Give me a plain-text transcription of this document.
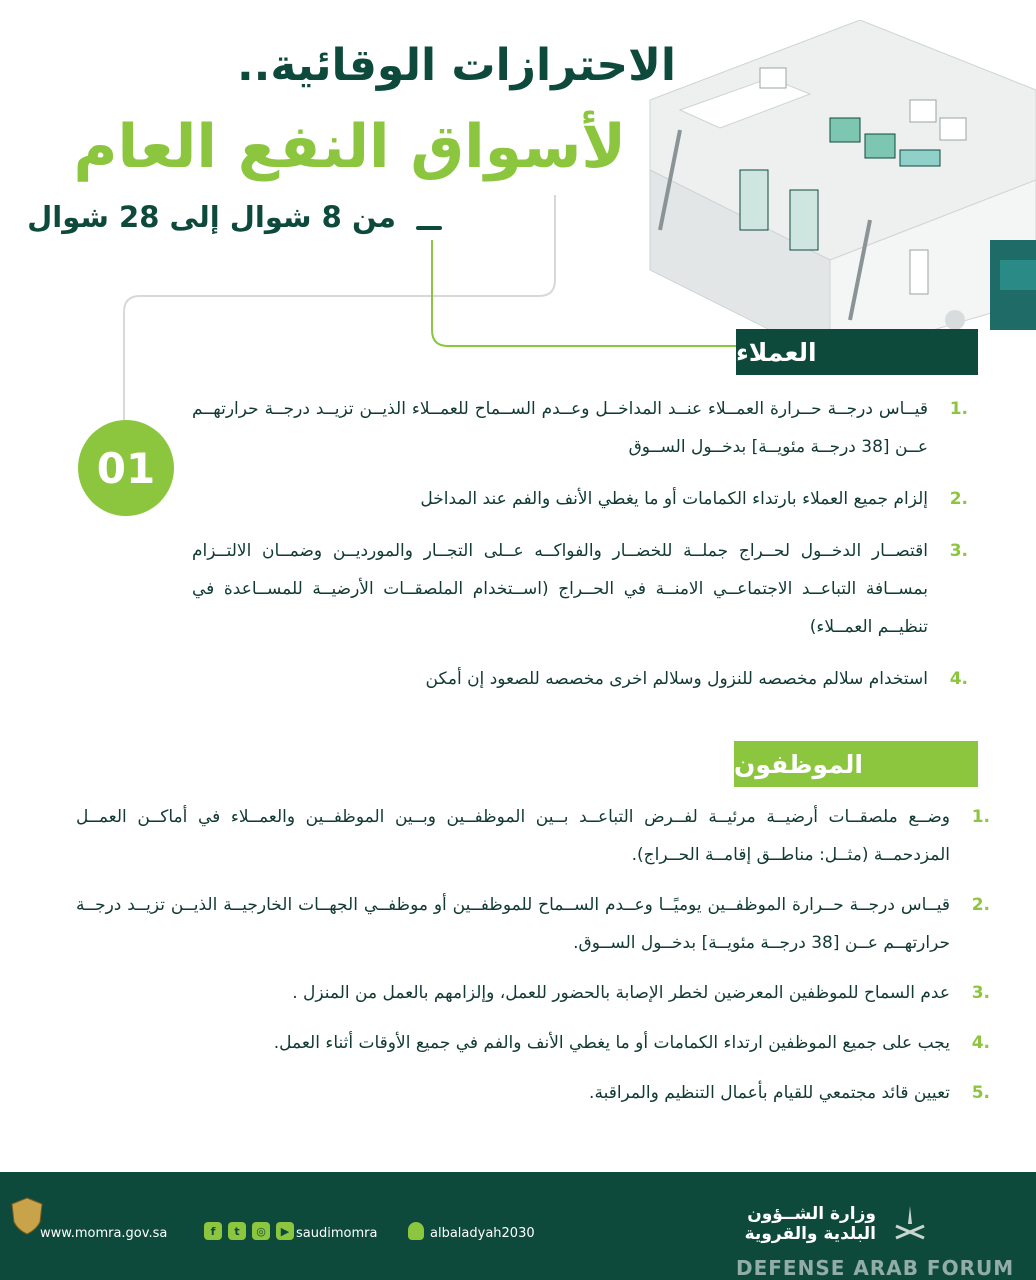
الاحترازات الوقائية..
لأسواق النفع العام
من 8 شوال إلى 28 شوال
العملاء
01
.1
قيــاس درجــة حــرارة العمــلاء عنــد المداخــل وعــدم الســماح للعمــلاء الذيــن تزيــد درجــة حرارتهــم عــن [38 درجــة مئويــة] بدخــول الســوق
.2
إلزام جميع العملاء بارتداء الكمامات أو ما يغطي الأنف والفم عند المداخل
.3
اقتصــار الدخــول لحــراج جملــة للخضــار والفواكــه عــلى التجــار والمورديــن وضمــان الالتــزام بمســافة التباعــد الاجتماعــي الامنــة في الحــراج (اســتخدام الملصقــات الأرضيــة للمســاعدة في تنظيــم العمــلاء)
.4
استخدام سلالم مخصصه للنزول وسلالم اخرى مخصصه للصعود إن أمكن
الموظفون
.1
وضــع ملصقــات أرضيــة مرئيــة لفــرض التباعــد بــين الموظفــين وبــين الموظفــين والعمــلاء في أماكــن العمــل المزدحمــة (مثــل: مناطــق إقامــة الحــراج).
.2
قيــاس درجــة حــرارة الموظفــين يوميًــا وعــدم الســماح للموظفــين أو موظفــي الجهــات الخارجيــة الذيــن تزيــد درجــة حرارتهــم عــن [38 درجــة مئويــة] بدخــول الســوق.
.3
عدم السماح للموظفين المعرضين لخطر الإصابة بالحضور للعمل، وإلزامهم بالعمل من المنزل .
.4
يجب على جميع الموظفين ارتداء الكمامات أو ما يغطي الأنف والفم في جميع الأوقات أثناء العمل.
.5
تعيين قائد مجتمعي للقيام بأعمال التنظيم والمراقبة.
www.momra.gov.sa	f	t	◎	▶ saudimomra	albaladyah2030
وزارة الشــؤون
البلدية والقروية
DEFENSE ARAB FORUM
